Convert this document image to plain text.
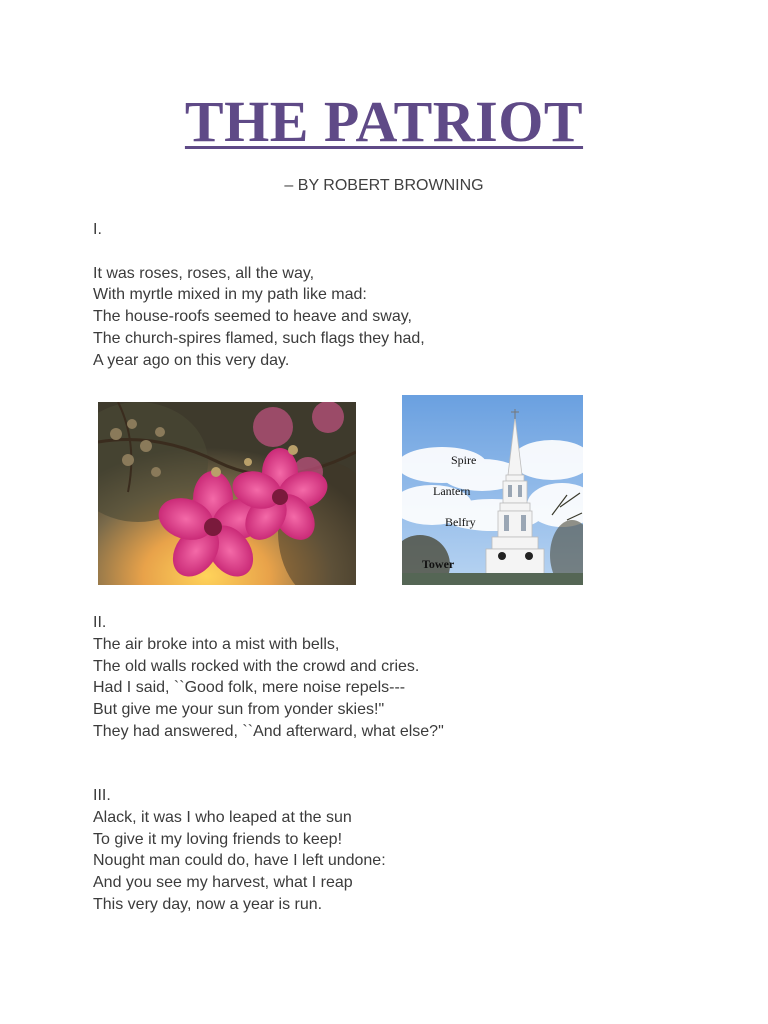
THE PATRIOT
– BY ROBERT BROWNING
I.
It was roses, roses, all the way,
With myrtle mixed in my path like mad:
The house-roofs seemed to heave and sway,
The church-spires flamed, such flags they had,
A year ago on this very day.
Spire
Lantern
Belfry
Tower
II.
The air broke into a mist with bells,
The old walls rocked with the crowd and cries.
Had I said, ``Good folk, mere noise repels---
But give me your sun from yonder skies!"
They had answered, ``And afterward, what else?"
III.
Alack, it was I who leaped at the sun
To give it my loving friends to keep!
Nought man could do, have I left undone:
And you see my harvest, what I reap
This very day, now a year is run.
